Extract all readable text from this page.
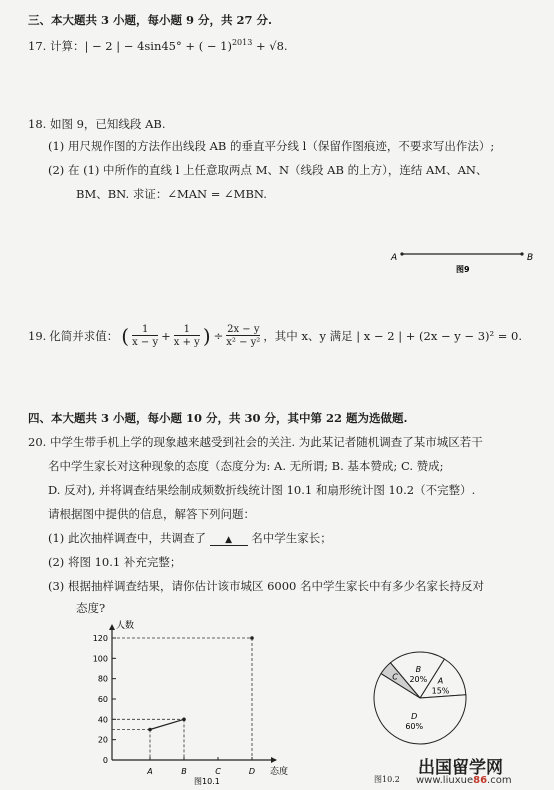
三、本大题共 3 小题，每小题 9 分，共 27 分.
17. 计算：| − 2 | − 4sin45° + ( − 1)$^{2013}$ + √8.
18. 如图 9，已知线段 AB.
(1) 用尺规作图的方法作出线段 AB 的垂直平分线 l（保留作图痕迹，不要求写出作法）;
(2) 在 (1) 中所作的直线 l 上任意取两点 M、N（线段 AB 的上方），连结 AM、AN、
BM、BN. 求证：∠MAN = ∠MBN.
A	B
图9
19. 化简并求值： ( $\frac{1}{x - y} + \frac{1}{x + y}$ ) ÷ $\frac{2x - y}{\text{x² − y²}}$ ，其中 x、y 满足 | x − 2 | + (2x − y − 3)² = 0.
四、本大题共 3 小题，每小题 10 分，共 30 分，其中第 22 题为选做题.
20. 中学生带手机上学的现象越来越受到社会的关注. 为此某记者随机调查了某市城区若干
名中学生家长对这种现象的态度（态度分为: A. 无所谓; B. 基本赞成; C. 赞成;
D. 反对), 并将调查结果绘制成频数折线统计图 10.1 和扇形统计图 10.2（不完整）.
请根据图中提供的信息，解答下列问题：
(1) 此次抽样调查中，共调查了 ▲ 名中学生家长；
(2) 将图 10.1 补充完整；
(3) 根据抽样调查结果，请你估计该市城区 6000 名中学生家长中有多少名家长持反对
态度?
人数
态度
图10.1
0
20
40
60
80
100
120
A	B	C	D
A
15%
B
20%
C
D
60%
图10.2
出国留学网
www.liuxue86.com
